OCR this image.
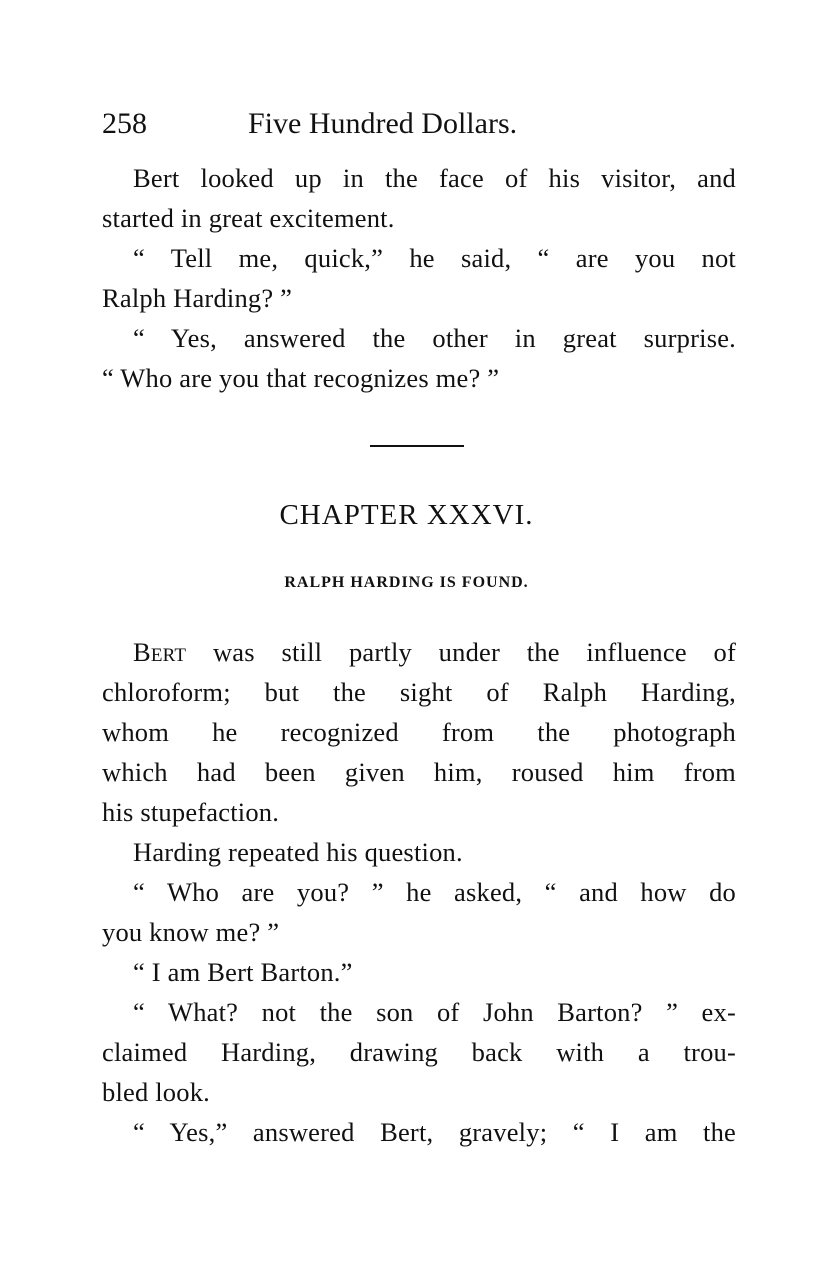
258	Five Hundred Dollars.
Bert looked up in the face of his visitor, and
started in great excitement.
“ Tell me, quick,” he said, “ are you not
Ralph Harding? ”
“ Yes, answered the other in great surprise.
“ Who are you that recognizes me? ”
CHAPTER XXXVI.
RALPH HARDING IS FOUND.
Bert was still partly under the influence of
chloroform; but the sight of Ralph Harding,
whom he recognized from the photograph
which had been given him, roused him from
his stupefaction.
Harding repeated his question.
“ Who are you? ” he asked, “ and how do
you know me? ”
“ I am Bert Barton.”
“ What? not the son of John Barton? ” ex-
claimed Harding, drawing back with a trou-
bled look.
“ Yes,” answered Bert, gravely; “ I am the
